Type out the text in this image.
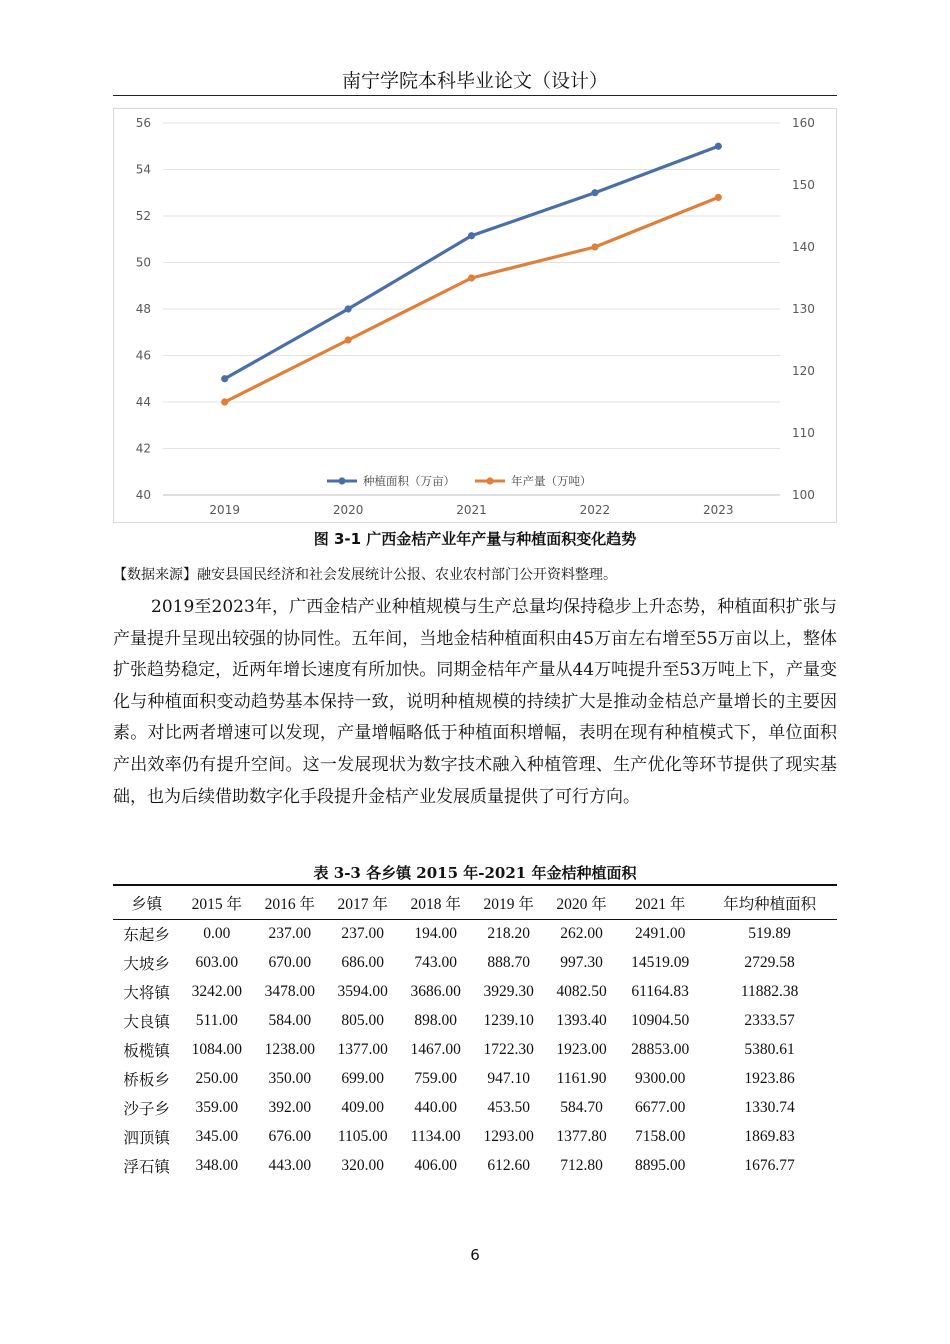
南宁学院本科毕业论文（设计）
40
42
44
46
48
50
52
54
56
100
110
120
130
140
150
160
2019	2020	2021	2022	2023
种植面积（万亩）	年产量（万吨）
图 3-1 广西金桔产业年产量与种植面积变化趋势
【数据来源】融安县国民经济和社会发展统计公报、农业农村部门公开资料整理。
2019至2023年，广西金桔产业种植规模与生产总量均保持稳步上升态势，种植面积扩张与产量提升呈现出较强的协同性。五年间，当地金桔种植面积由45万亩左右增至55万亩以上，整体扩张趋势稳定，近两年增长速度有所加快。同期金桔年产量从44万吨提升至53万吨上下，产量变化与种植面积变动趋势基本保持一致，说明种植规模的持续扩大是推动金桔总产量增长的主要因素。对比两者增速可以发现，产量增幅略低于种植面积增幅，表明在现有种植模式下，单位面积产出效率仍有提升空间。这一发展现状为数字技术融入种植管理、生产优化等环节提供了现实基础，也为后续借助数字化手段提升金桔产业发展质量提供了可行方向。
表 3-3 各乡镇 2015 年-2021 年金桔种植面积
乡镇	2015 年	2016 年	2017 年	2018 年	2019 年	2020 年	2021 年	年均种植面积
东起乡	0.00	237.00	237.00	194.00	218.20	262.00	2491.00	519.89
大坡乡	603.00	670.00	686.00	743.00	888.70	997.30	14519.09	2729.58
大将镇	3242.00	3478.00	3594.00	3686.00	3929.30	4082.50	61164.83	11882.38
大良镇	511.00	584.00	805.00	898.00	1239.10	1393.40	10904.50	2333.57
板榄镇	1084.00	1238.00	1377.00	1467.00	1722.30	1923.00	28853.00	5380.61
桥板乡	250.00	350.00	699.00	759.00	947.10	1161.90	9300.00	1923.86
沙子乡	359.00	392.00	409.00	440.00	453.50	584.70	6677.00	1330.74
泗顶镇	345.00	676.00	1105.00	1134.00	1293.00	1377.80	7158.00	1869.83
浮石镇	348.00	443.00	320.00	406.00	612.60	712.80	8895.00	1676.77
6
